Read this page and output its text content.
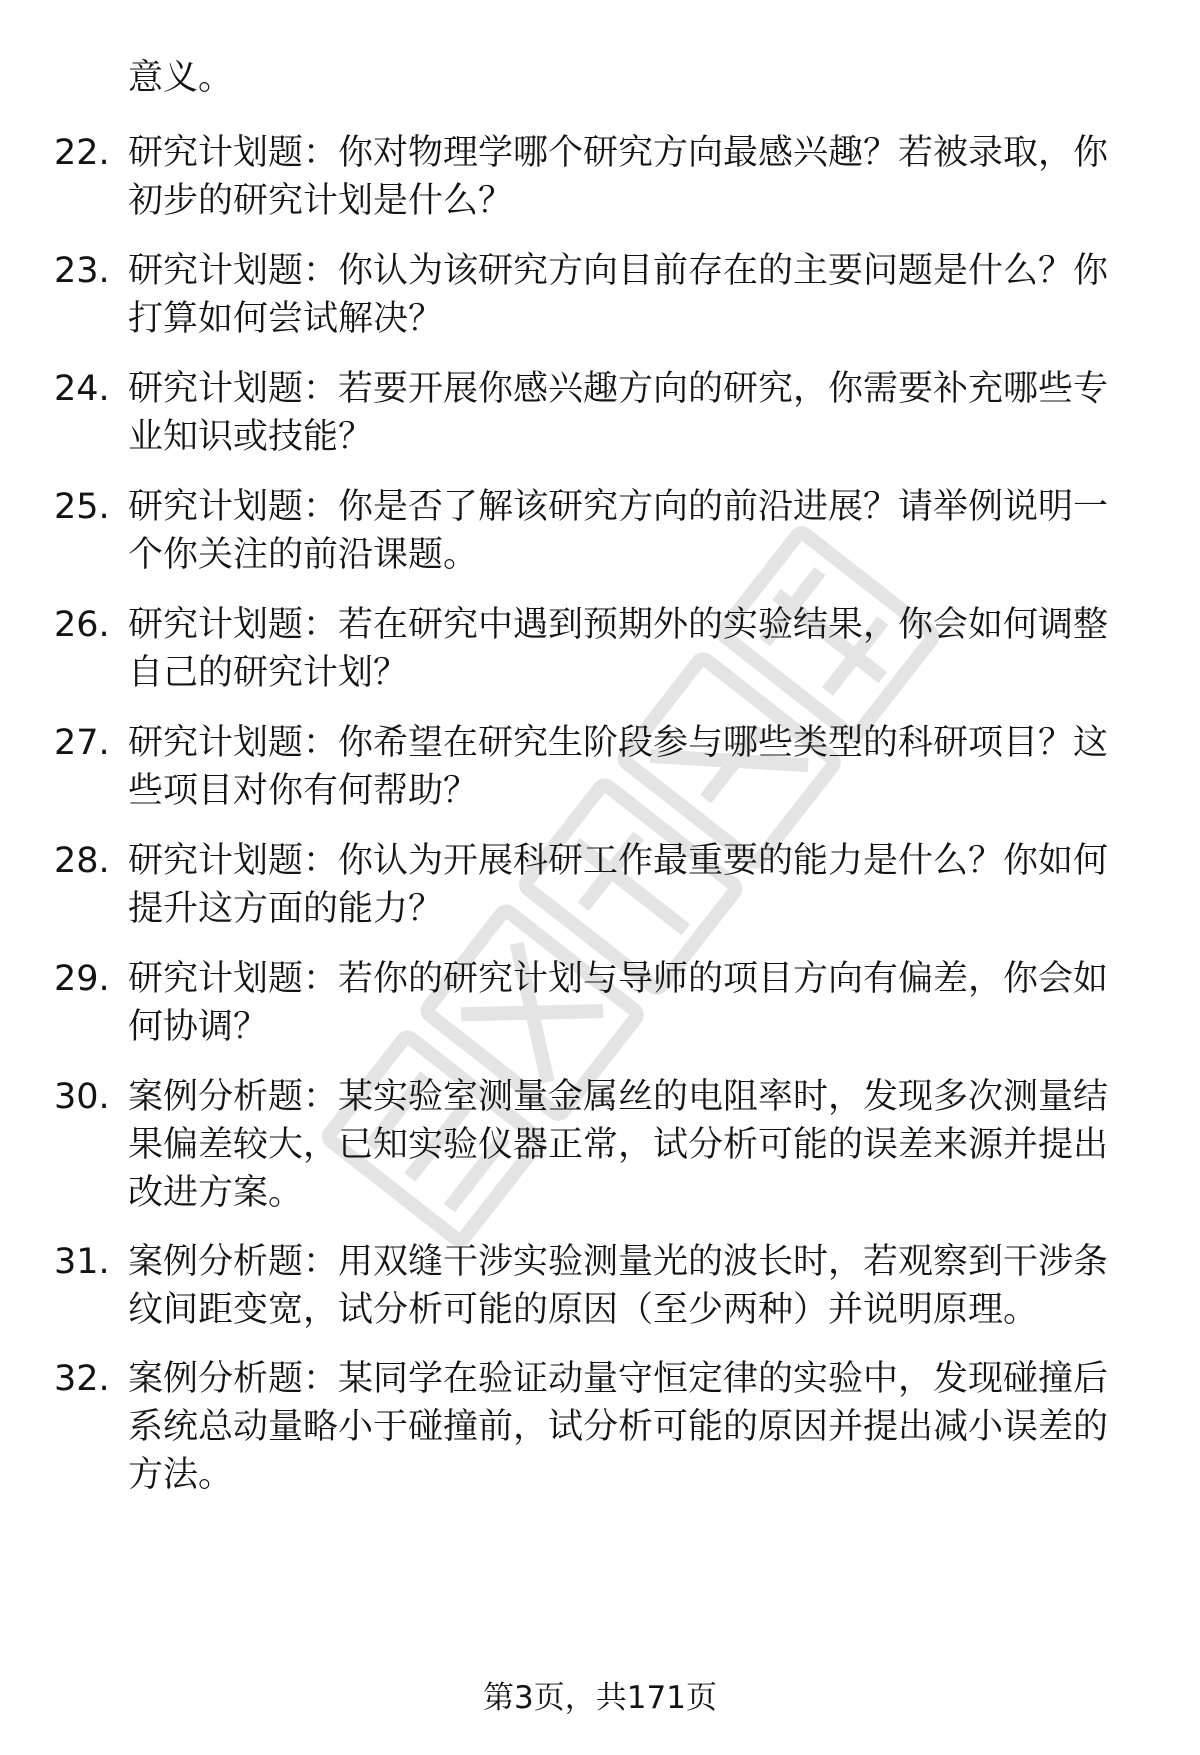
意义。
22. 研究计划题：你对物理学哪个研究方向最感兴趣？若被录取，你
初步的研究计划是什么？
23. 研究计划题：你认为该研究方向目前存在的主要问题是什么？你
打算如何尝试解决？
24. 研究计划题：若要开展你感兴趣方向的研究，你需要补充哪些专
业知识或技能？
25. 研究计划题：你是否了解该研究方向的前沿进展？请举例说明一
个你关注的前沿课题。
26. 研究计划题：若在研究中遇到预期外的实验结果，你会如何调整
自己的研究计划？
27. 研究计划题：你希望在研究生阶段参与哪些类型的科研项目？这
些项目对你有何帮助？
28. 研究计划题：你认为开展科研工作最重要的能力是什么？你如何
提升这方面的能力？
29. 研究计划题：若你的研究计划与导师的项目方向有偏差，你会如
何协调？
30. 案例分析题：某实验室测量金属丝的电阻率时，发现多次测量结
果偏差较大，已知实验仪器正常，试分析可能的误差来源并提出
改进方案。
31. 案例分析题：用双缝干涉实验测量光的波长时，若观察到干涉条
纹间距变宽，试分析可能的原因（至少两种）并说明原理。
32. 案例分析题：某同学在验证动量守恒定律的实验中，发现碰撞后
系统总动量略小于碰撞前，试分析可能的原因并提出减小误差的
方法。
第3页，共171页
